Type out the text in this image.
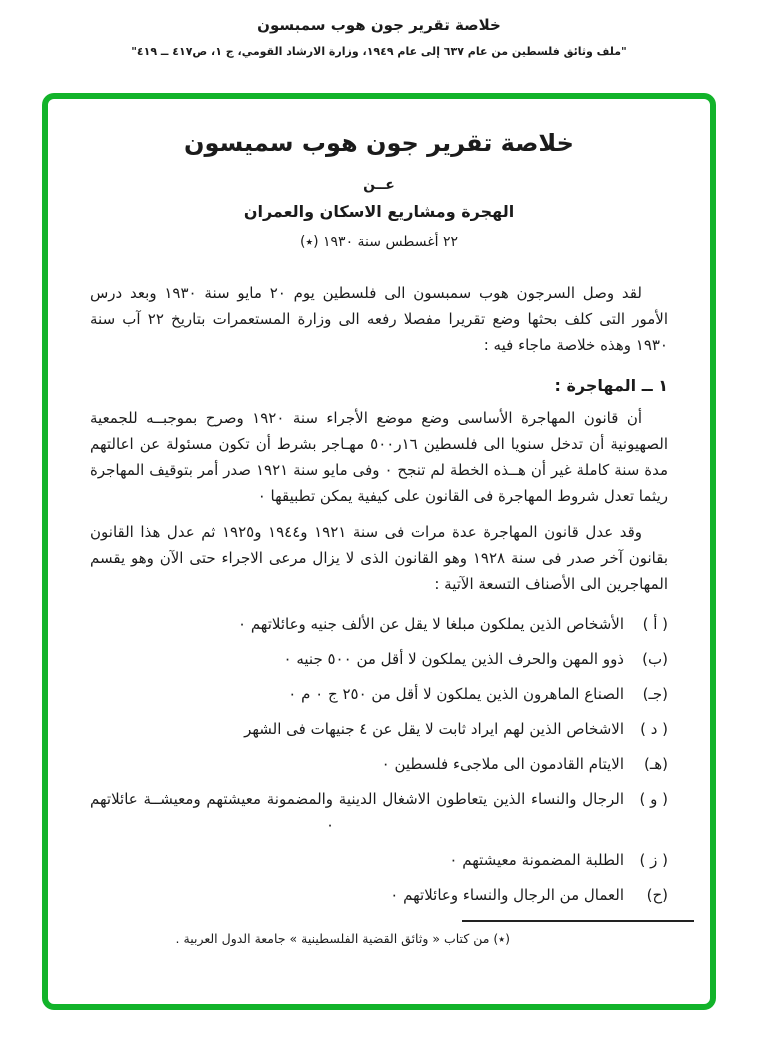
خلاصة تقرير جون هوب سمبسون
"ملف وثائق فلسطين من عام ٦٣٧ إلى عام ١٩٤٩، وزارة الارشاد القومي، ج ١، ص٤١٧ ــ ٤١٩"
خلاصة تقرير جون هوب سميسون
عــن
الهجرة ومشاريع الاسكان والعمران
٢٢ أغسطس سنة ١٩٣٠ (٭)

لقد وصل السرجون هوب سمبسون الى فلسطين يوم ٢٠ مايو سنة ١٩٣٠ وبعد درس الأمور التى كلف بحثها وضع تقريرا مفصلا رفعه الى وزارة المستعمرات بتاريخ ٢٢ آب سنة ١٩٣٠ وهذه خلاصة ماجاء فيه :

١ ــ المهاجرة :

أن قانون المهاجرة الأساسى وضع موضع الأجراء سنة ١٩٢٠ وصرح بموجبــه للجمعية الصهيونية أن تدخل سنويا الى فلسطين ١٦ر٥٠٠ مهـاجر بشرط أن تكون مسئولة عن اعالتهم مدة سنة كاملة غير أن هــذه الخطة لم تنجح ٠ وفى مايو سنة ١٩٢١ صدر أمر بتوقيف المهاجرة ريثما تعدل شروط المهاجرة فى القانون على كيفية يمكن تطبيقها ٠

وقد عدل قانون المهاجرة عدة مرات فى سنة ١٩٢١ و١٩٤٤ و١٩٢٥ ثم عدل هذا القانون بقانون آخر صدر فى سنة ١٩٢٨ وهو القانون الذى لا يزال مرعى الاجراء حتى الآن وهو يقسم المهاجرين الى الأصناف التسعة الآتية :

( أ )
الأشخاص الذين يملكون مبلغا لا يقل عن الألف جنيه وعائلاتهم ٠
(ب)
ذوو المهن والحرف الذين يملكون لا أقل من ٥٠٠ جنيه ٠
(جـ)
الصناع الماهرون الذين يملكون لا أقل من ٢٥٠ ج ٠ م ٠
( د )
الاشخاص الذين لهم ايراد ثابت لا يقل عن ٤ جنيهات فى الشهر
(هـ)
الايتام القادمون الى ملاجىء فلسطين ٠
( و )
الرجال والنساء الذين يتعاطون الاشغال الدينية والمضمونة معيشتهم ومعيشــة عائلاتهم ٠
( ز )
الطلبة المضمونة معيشتهم ٠
(ح)
العمال من الرجال والنساء وعائلاتهم ٠
(٭) من كتاب « وثائق القضية الفلسطينية » جامعة الدول العربية .
